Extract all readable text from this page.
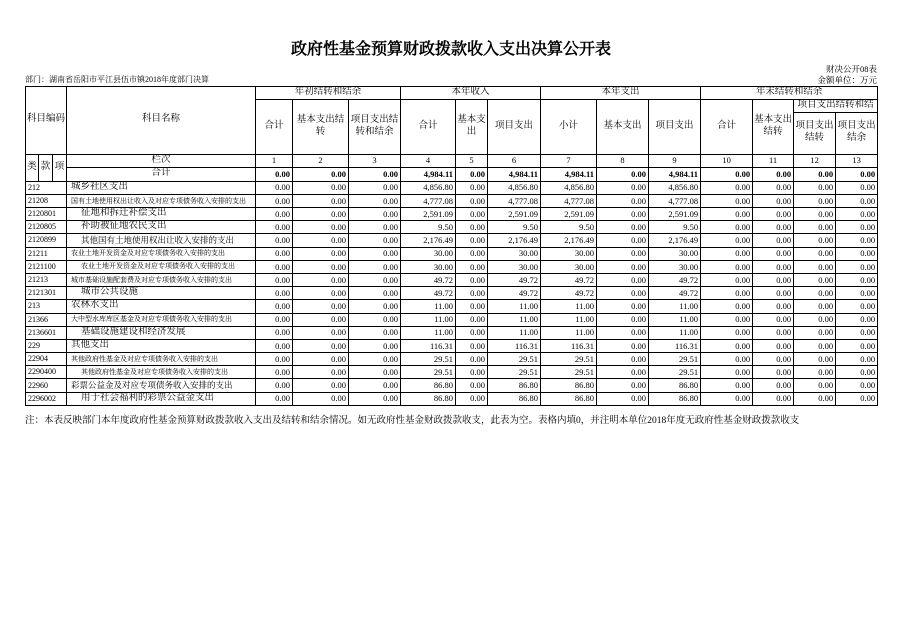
政府性基金预算财政拨款收入支出决算公开表
财决公开08表
部门：湖南省岳阳市平江县伍市镇2018年度部门决算	金额单位：万元
科目编码			科目名称	年初结转和结余			本年收入			本年支出			年末结转和结余			
				合计	基本支出结转	项目支出结转和结余	合计	基本支出	项目支出	小计	基本支出	项目支出	合计	基本支出结转	项目支出结转和结	
															项目支出结转	项目支出结余
类	款	项	栏次	1	2	3	4	5	6	7	8	9	10	11	12	13
			合计	0.00	0.00	0.00	4,984.11	0.00	4,984.11	4,984.11	0.00	4,984.11	0.00	0.00	0.00	0.00
212			城乡社区支出	0.00	0.00	0.00	4,856.80	0.00	4,856.80	4,856.80	0.00	4,856.80	0.00	0.00	0.00	0.00
21208			国有土地使用权出让收入及对应专项债务收入安排的支出	0.00	0.00	0.00	4,777.08	0.00	4,777.08	4,777.08	0.00	4,777.08	0.00	0.00	0.00	0.00
2120801			征地和拆迁补偿支出	0.00	0.00	0.00	2,591.09	0.00	2,591.09	2,591.09	0.00	2,591.09	0.00	0.00	0.00	0.00
2120805			补助被征地农民支出	0.00	0.00	0.00	9.50	0.00	9.50	9.50	0.00	9.50	0.00	0.00	0.00	0.00
2120899			其他国有土地使用权出让收入安排的支出	0.00	0.00	0.00	2,176.49	0.00	2,176.49	2,176.49	0.00	2,176.49	0.00	0.00	0.00	0.00
21211			农业土地开发资金及对应专项债务收入安排的支出	0.00	0.00	0.00	30.00	0.00	30.00	30.00	0.00	30.00	0.00	0.00	0.00	0.00
2121100			农业土地开发资金及对应专项债务收入安排的支出	0.00	0.00	0.00	30.00	0.00	30.00	30.00	0.00	30.00	0.00	0.00	0.00	0.00
21213			城市基础设施配套费及对应专项债务收入安排的支出	0.00	0.00	0.00	49.72	0.00	49.72	49.72	0.00	49.72	0.00	0.00	0.00	0.00
2121301			城市公共设施	0.00	0.00	0.00	49.72	0.00	49.72	49.72	0.00	49.72	0.00	0.00	0.00	0.00
213			农林水支出	0.00	0.00	0.00	11.00	0.00	11.00	11.00	0.00	11.00	0.00	0.00	0.00	0.00
21366			大中型水库库区基金及对应专项债务收入安排的支出	0.00	0.00	0.00	11.00	0.00	11.00	11.00	0.00	11.00	0.00	0.00	0.00	0.00
2136601			基础设施建设和经济发展	0.00	0.00	0.00	11.00	0.00	11.00	11.00	0.00	11.00	0.00	0.00	0.00	0.00
229			其他支出	0.00	0.00	0.00	116.31	0.00	116.31	116.31	0.00	116.31	0.00	0.00	0.00	0.00
22904			其他政府性基金及对应专项债务收入安排的支出	0.00	0.00	0.00	29.51	0.00	29.51	29.51	0.00	29.51	0.00	0.00	0.00	0.00
2290400			其他政府性基金及对应专项债务收入安排的支出	0.00	0.00	0.00	29.51	0.00	29.51	29.51	0.00	29.51	0.00	0.00	0.00	0.00
22960			彩票公益金及对应专项债务收入安排的支出	0.00	0.00	0.00	86.80	0.00	86.80	86.80	0.00	86.80	0.00	0.00	0.00	0.00
2296002			用于社会福利的彩票公益金支出	0.00	0.00	0.00	86.80	0.00	86.80	86.80	0.00	86.80	0.00	0.00	0.00	0.00
注：本表反映部门本年度政府性基金预算财政拨款收入支出及结转和结余情况。如无政府性基金财政拨款收支，此表为空。表格内填0，并注明本单位2018年度无政府性基金财政拨款收支
